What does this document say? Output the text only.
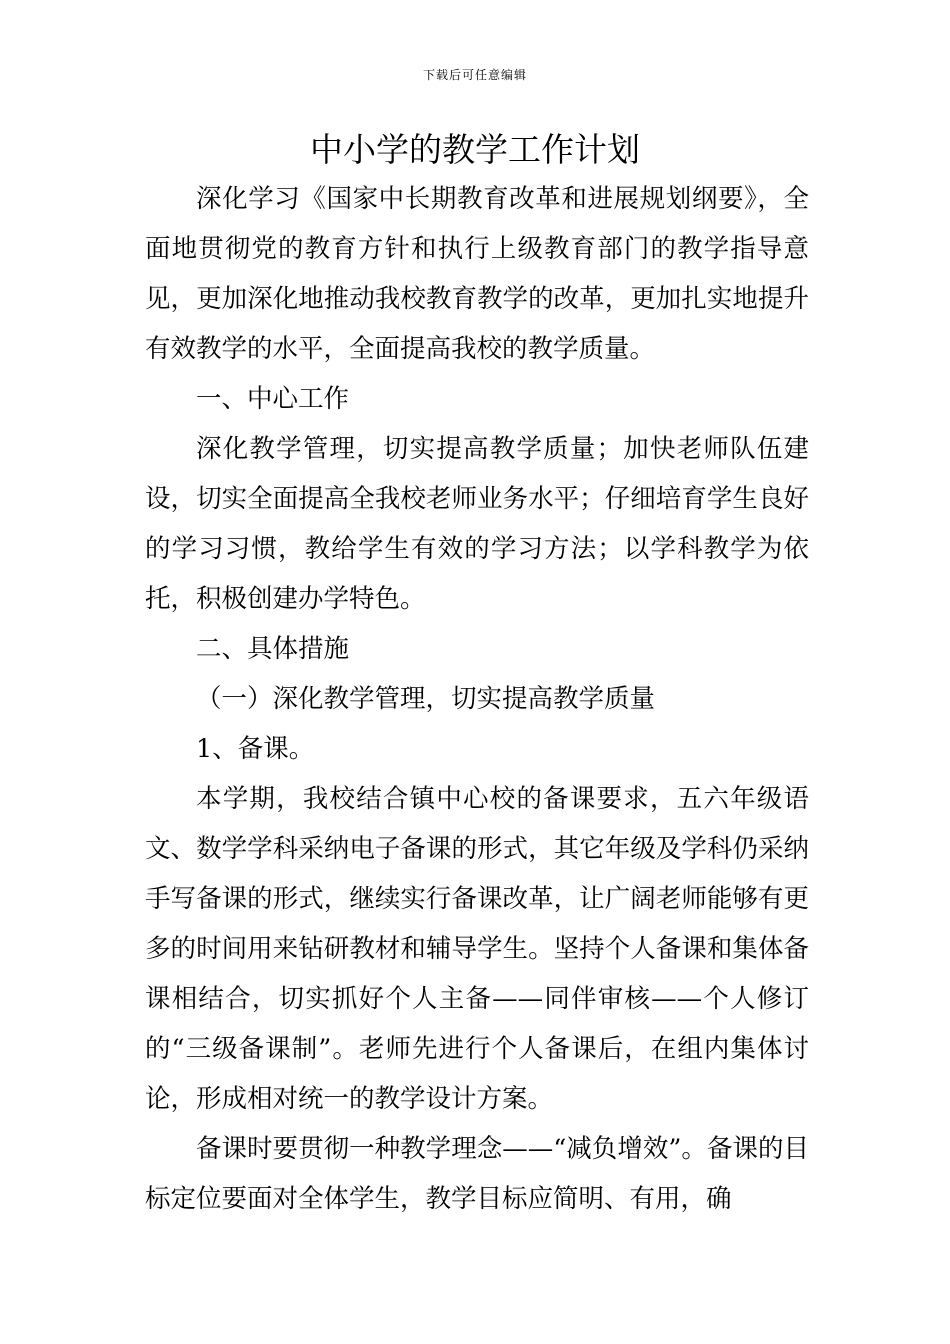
下载后可任意编辑
中小学的教学工作计划

深化学习《国家中长期教育改革和进展规划纲要》，全面地贯彻党的教育方针和执行上级教育部门的教学指导意见，更加深化地推动我校教育教学的改革，更加扎实地提升有效教学的水平，全面提高我校的教学质量。

一、中心工作

深化教学管理，切实提高教学质量；加快老师队伍建设，切实全面提高全我校老师业务水平；仔细培育学生良好的学习习惯，教给学生有效的学习方法；以学科教学为依托，积极创建办学特色。

二、具体措施

（一）深化教学管理，切实提高教学质量

1、备课。

本学期，我校结合镇中心校的备课要求，五六年级语文、数学学科采纳电子备课的形式，其它年级及学科仍采纳手写备课的形式，继续实行备课改革，让广阔老师能够有更多的时间用来钻研教材和辅导学生。坚持个人备课和集体备课相结合，切实抓好个人主备——同伴审核——个人修订的“三级备课制”。老师先进行个人备课后，在组内集体讨论，形成相对统一的教学设计方案。

备课时要贯彻一种教学理念——“减负增效”。备课的目标定位要面对全体学生，教学目标应简明、有用，确
